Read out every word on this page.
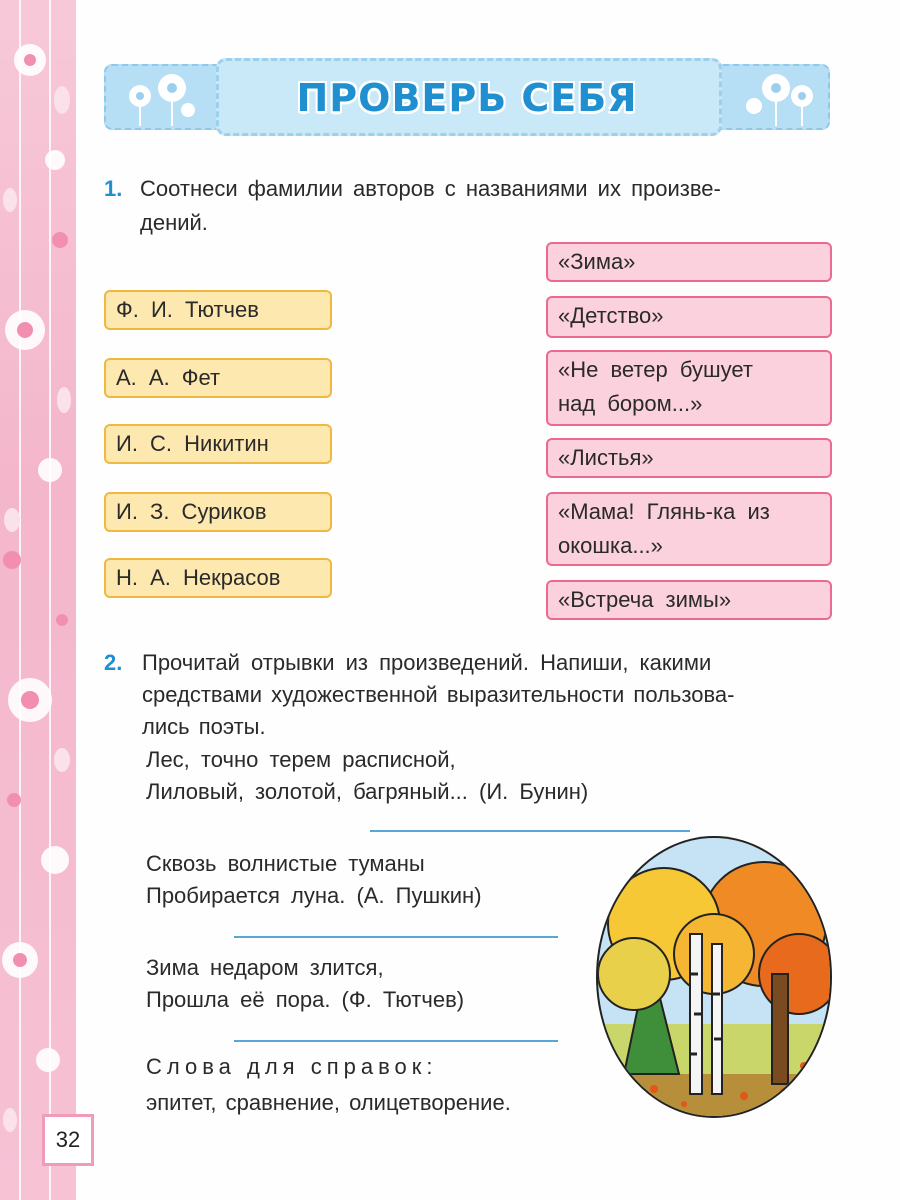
ПРОВЕРЬ СЕБЯ
1. Соотнеси фамилии авторов с названиями их произве-
дений.
Ф. И. Тютчев
А. А. Фет
И. С. Никитин
И. З. Суриков
Н. А. Некрасов
«Зима»
«Детство»
«Не ветер бушует
над бором...»
«Листья»
«Мама! Глянь-ка из
окошка...»
«Встреча зимы»
2. Прочитай отрывки из произведений. Напиши, какими
средствами художественной выразительности пользова-
лись поэты.
Лес, точно терем расписной,
Лиловый, золотой, багряный... (И. Бунин)
Сквозь волнистые туманы
Пробирается луна. (А. Пушкин)
Зима недаром злится,
Прошла её пора. (Ф. Тютчев)
Слова для справок:
эпитет, сравнение, олицетворение.
32
